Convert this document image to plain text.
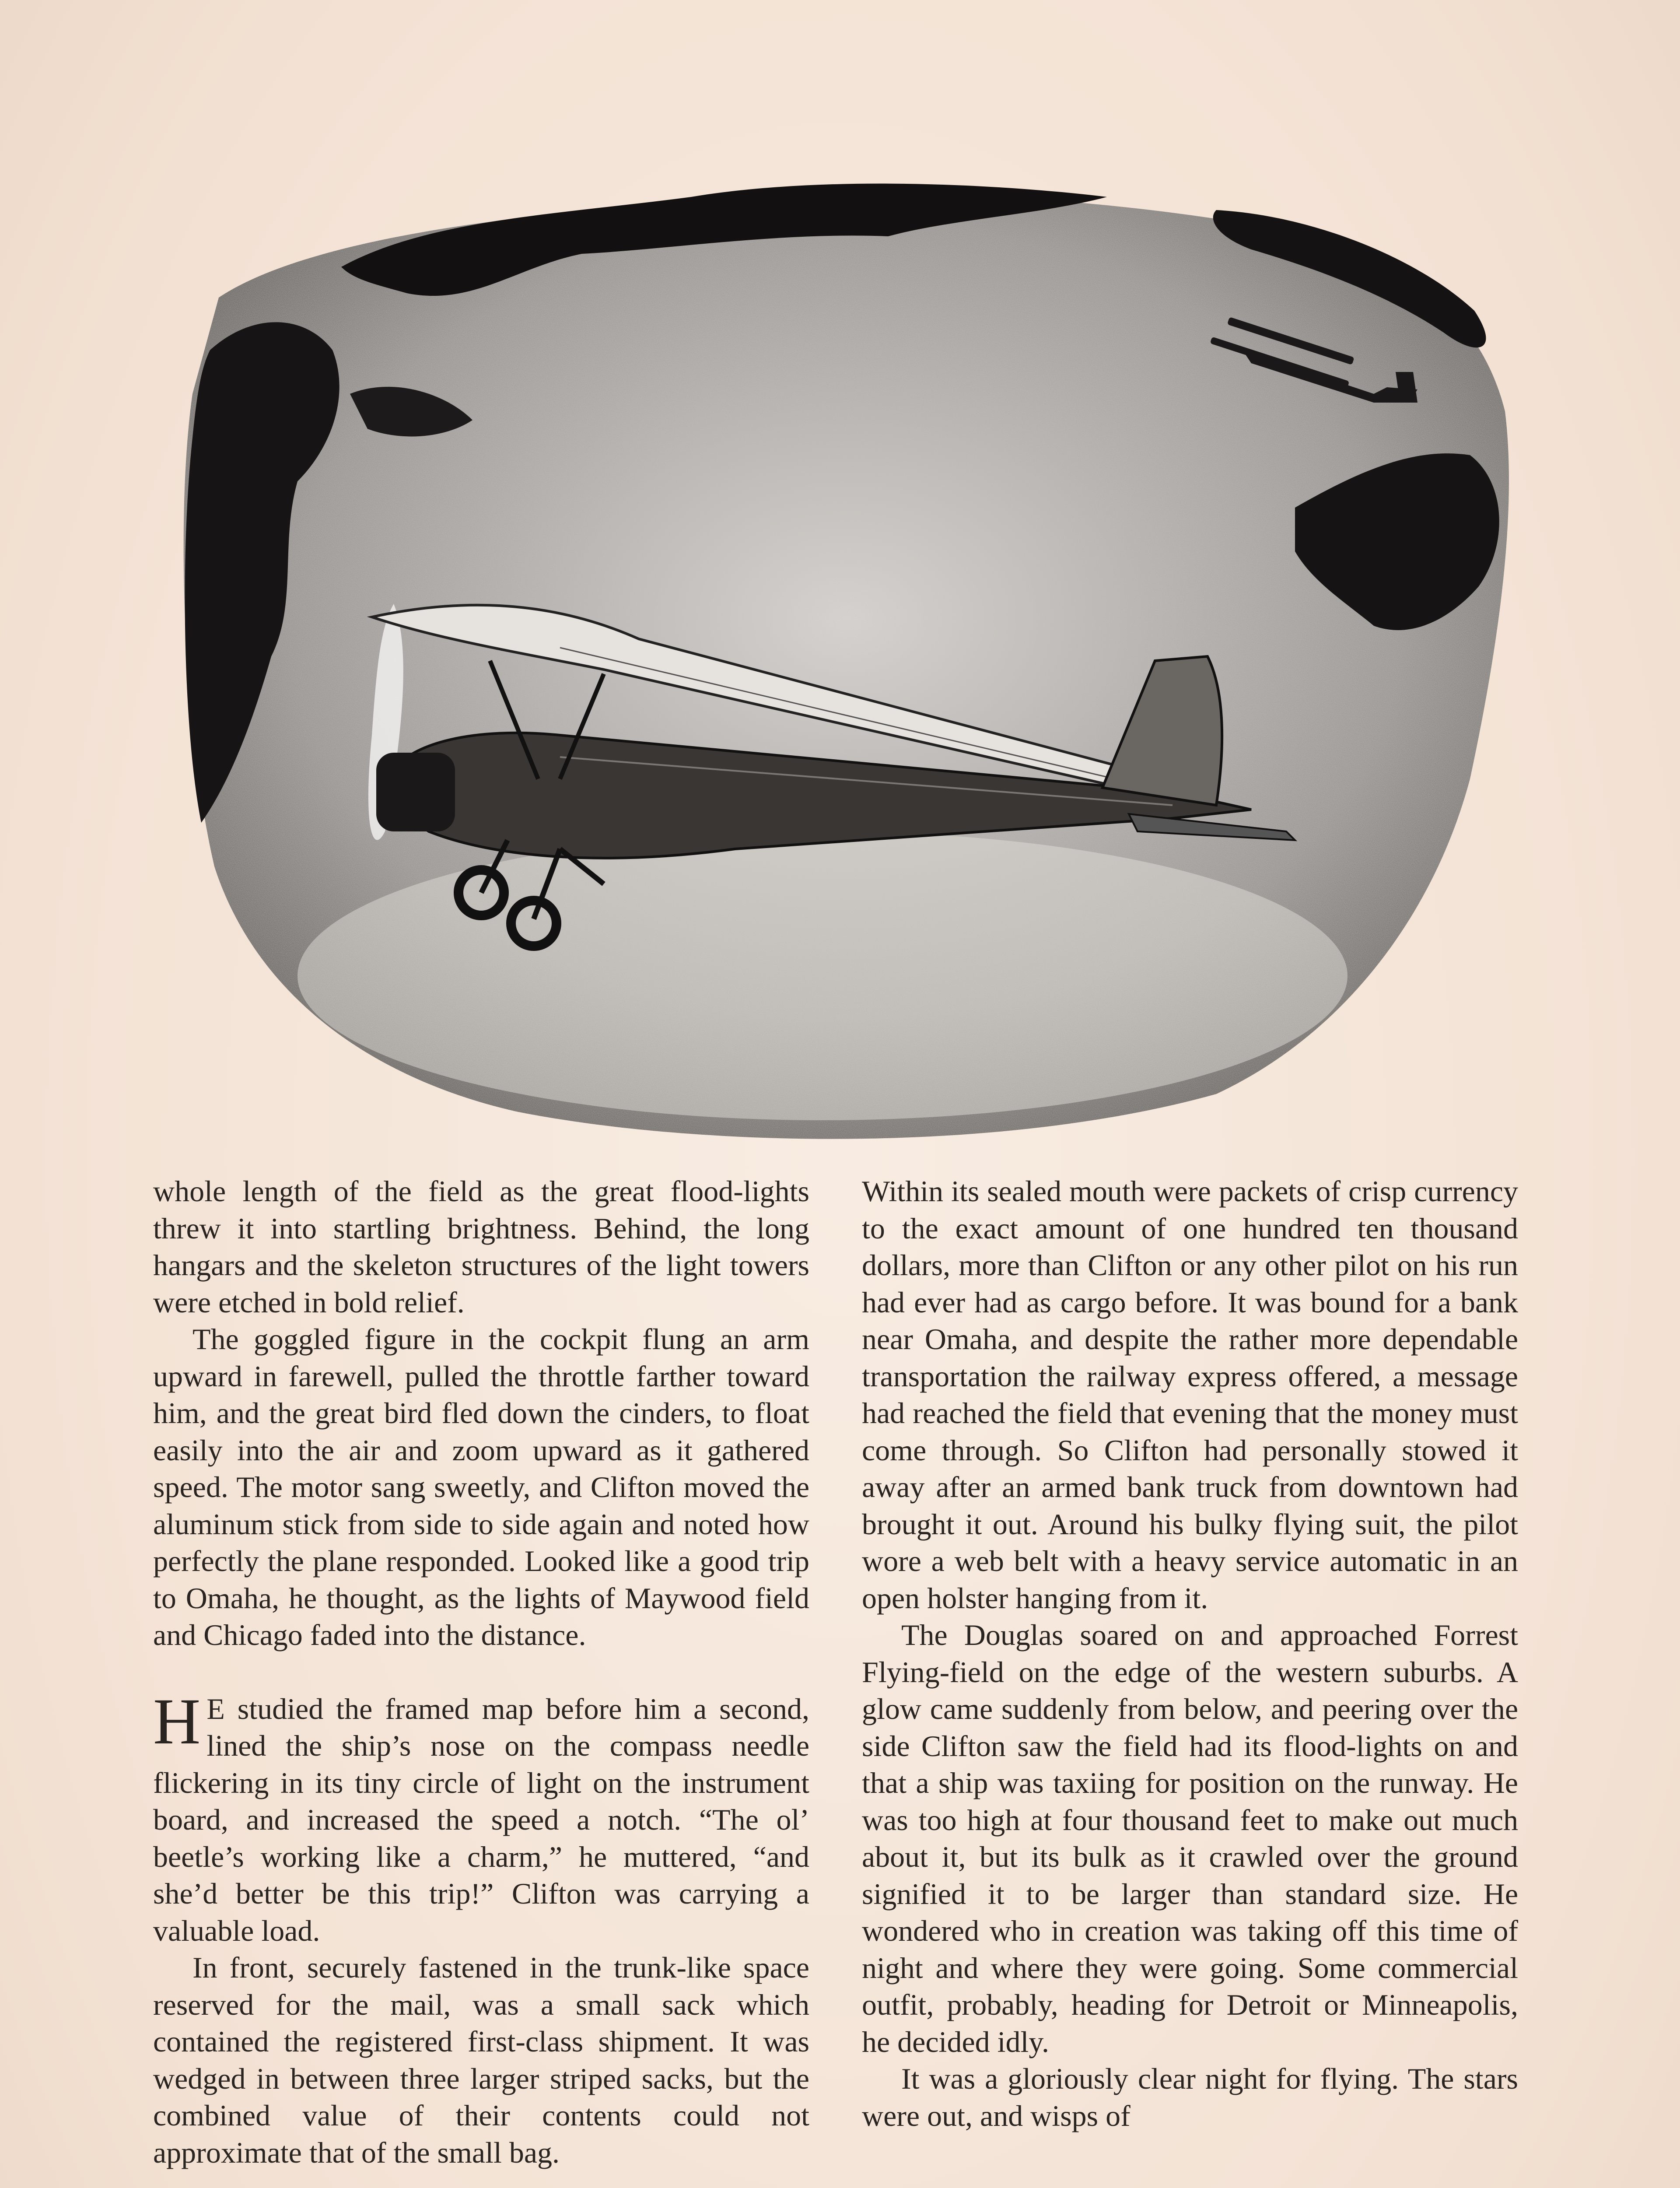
whole length of the field as the great flood-lights threw it into startling brightness. Behind, the long hangars and the skeleton structures of the light towers were etched in bold relief.

The goggled figure in the cockpit flung an arm upward in farewell, pulled the throttle farther toward him, and the great bird fled down the cinders, to float easily into the air and zoom upward as it gathered speed. The motor sang sweetly, and Clifton moved the aluminum stick from side to side again and noted how perfectly the plane responded. Looked like a good trip to Omaha, he thought, as the lights of Maywood field and Chicago faded into the distance.

H E studied the framed map before him a second, lined the ship’s nose on the compass needle flickering in its tiny circle of light on the instrument board, and increased the speed a notch. “The ol’ beetle’s working like a charm,” he muttered, “and she’d better be this trip!” Clifton was carrying a valuable load.

In front, securely fastened in the trunk-like space reserved for the mail, was a small sack which contained the registered first-class shipment. It was wedged in between three larger striped sacks, but the combined value of their contents could not approximate that of the small bag.

Within its sealed mouth were packets of crisp currency to the exact amount of one hundred ten thousand dollars, more than Clifton or any other pilot on his run had ever had as cargo before. It was bound for a bank near Omaha, and despite the rather more dependable transportation the railway express offered, a message had reached the field that evening that the money must come through. So Clifton had personally stowed it away after an armed bank truck from downtown had brought it out. Around his bulky flying suit, the pilot wore a web belt with a heavy service automatic in an open holster hanging from it.

The Douglas soared on and approached Forrest Flying-field on the edge of the western suburbs. A glow came suddenly from below, and peering over the side Clifton saw the field had its flood-lights on and that a ship was taxiing for position on the runway. He was too high at four thousand feet to make out much about it, but its bulk as it crawled over the ground signified it to be larger than standard size. He wondered who in creation was taking off this time of night and where they were going. Some commercial outfit, probably, heading for Detroit or Minneapolis, he decided idly.

It was a gloriously clear night for flying. The stars were out, and wisps of
